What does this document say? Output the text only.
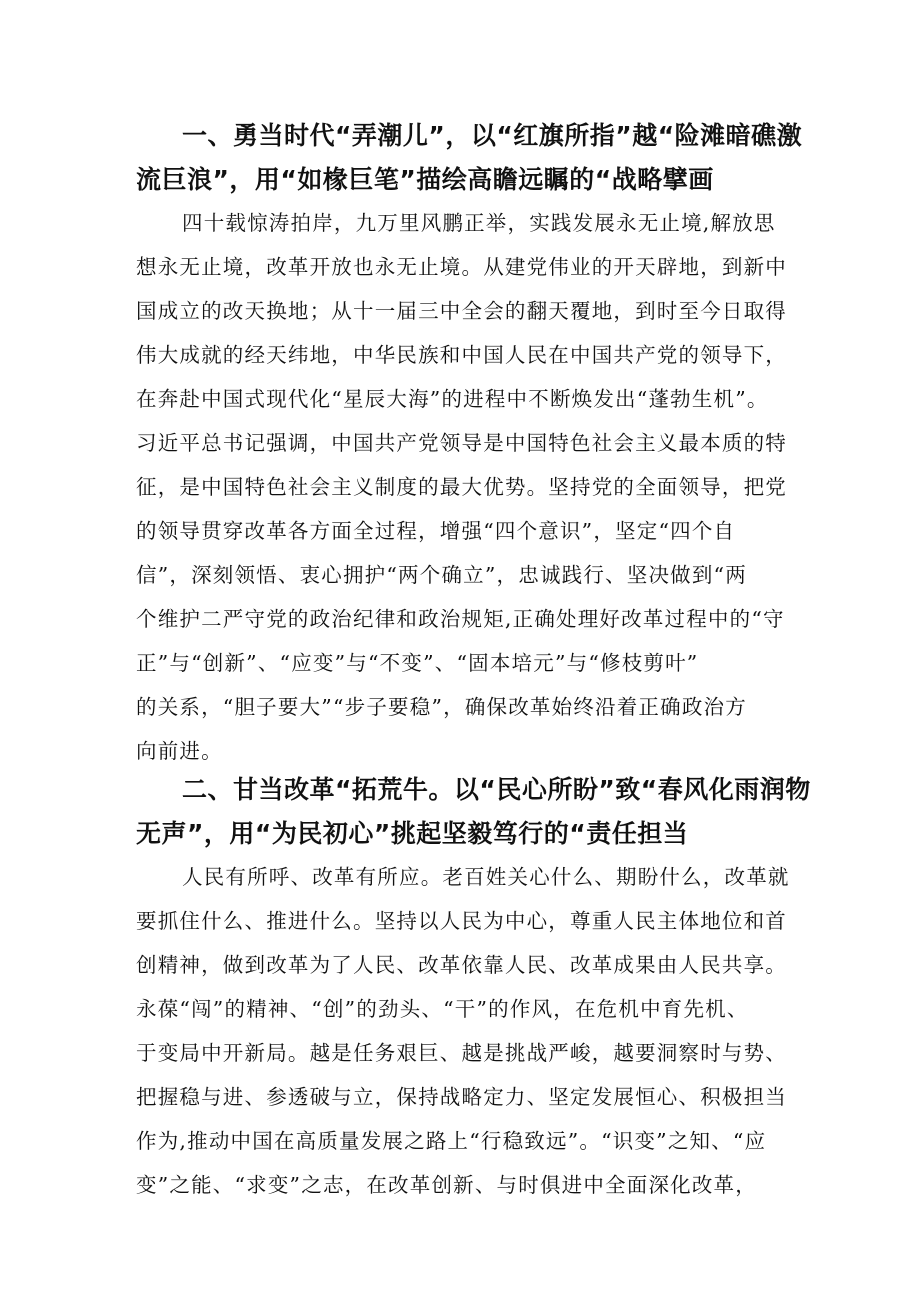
一、勇当时代“弄潮儿”，以“红旗所指”越“险滩暗礁激
流巨浪”，用“如椽巨笔”描绘高瞻远瞩的“战略擘画
四十载惊涛拍岸，九万里风鹏正举，实践发展永无止境,解放思
想永无止境，改革开放也永无止境。从建党伟业的开天辟地，到新中
国成立的改天换地；从十一届三中全会的翻天覆地，到时至今日取得
伟大成就的经天纬地，中华民族和中国人民在中国共产党的领导下，
在奔赴中国式现代化“星辰大海”的进程中不断焕发出“蓬勃生机”。
习近平总书记强调，中国共产党领导是中国特色社会主义最本质的特
征，是中国特色社会主义制度的最大优势。坚持党的全面领导，把党
的领导贯穿改革各方面全过程，增强“四个意识”，坚定“四个自
信”，深刻领悟、衷心拥护“两个确立”，忠诚践行、坚决做到“两
个维护二严守党的政治纪律和政治规矩,正确处理好改革过程中的“守
正”与“创新”、“应变”与“不变”、“固本培元”与“修枝剪叶”
的关系，“胆子要大”“步子要稳”，确保改革始终沿着正确政治方
向前进。
二、甘当改革“拓荒牛。以“民心所盼”致“春风化雨润物
无声”，用“为民初心”挑起坚毅笃行的“责任担当
人民有所呼、改革有所应。老百姓关心什么、期盼什么，改革就
要抓住什么、推进什么。坚持以人民为中心，尊重人民主体地位和首
创精神，做到改革为了人民、改革依靠人民、改革成果由人民共享。
永葆“闯”的精神、“创”的劲头、“干”的作风，在危机中育先机、
于变局中开新局。越是任务艰巨、越是挑战严峻，越要洞察时与势、
把握稳与进、参透破与立，保持战略定力、坚定发展恒心、积极担当
作为,推动中国在高质量发展之路上“行稳致远”。“识变”之知、“应
变”之能、“求变”之志，在改革创新、与时俱进中全面深化改革，
